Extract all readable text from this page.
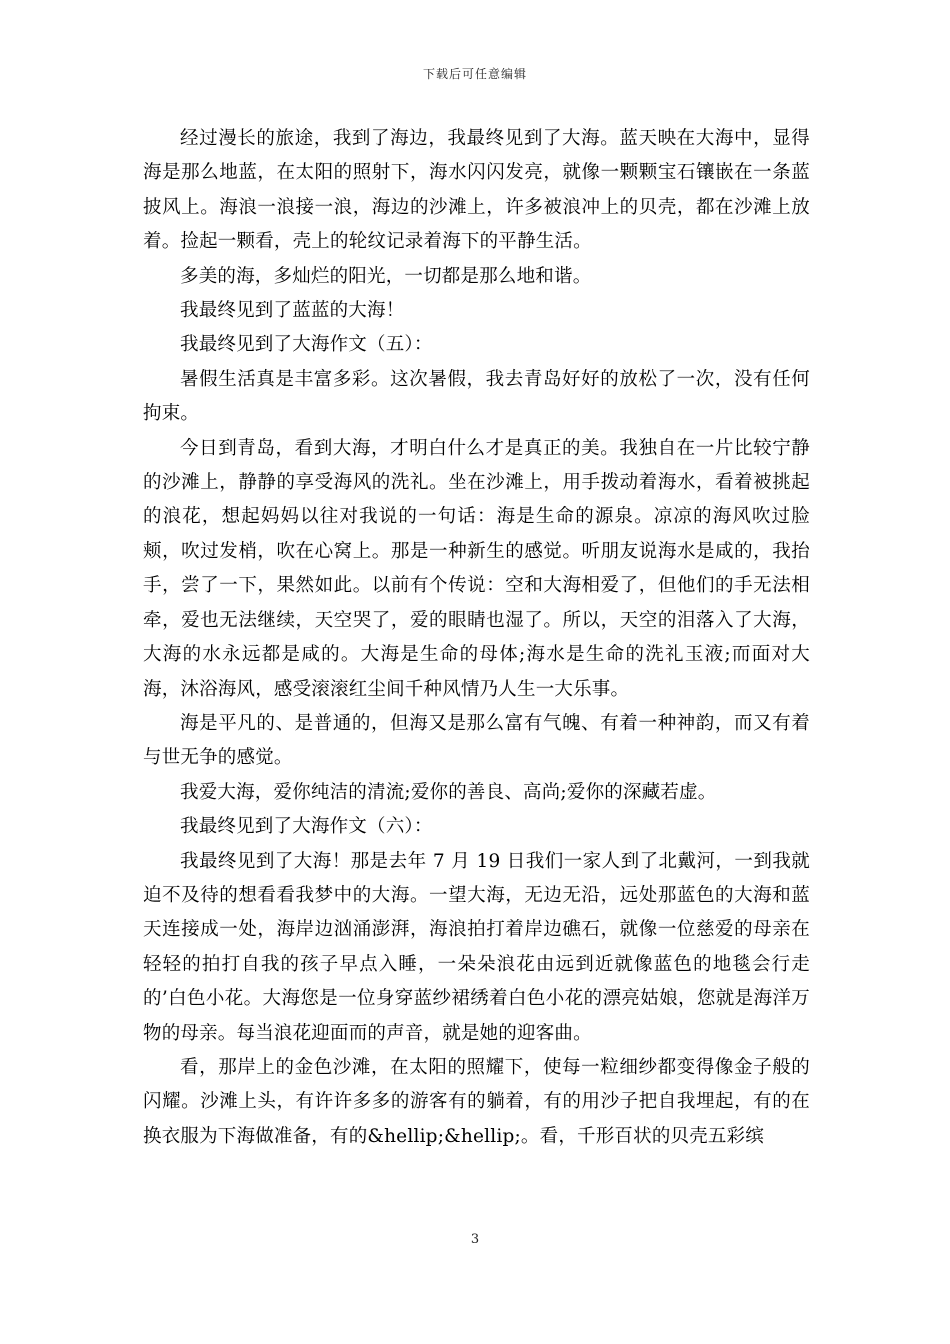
下载后可任意编辑

经过漫长的旅途，我到了海边，我最终见到了大海。蓝天映在大海中，显得海是那么地蓝，在太阳的照射下，海水闪闪发亮，就像一颗颗宝石镶嵌在一条蓝披风上。海浪一浪接一浪，海边的沙滩上，许多被浪冲上的贝壳，都在沙滩上放着。捡起一颗看，壳上的轮纹记录着海下的平静生活。

多美的海，多灿烂的阳光，一切都是那么地和谐。

我最终见到了蓝蓝的大海！

我最终见到了大海作文（五）：

暑假生活真是丰富多彩。这次暑假，我去青岛好好的放松了一次，没有任何拘束。

今日到青岛，看到大海，才明白什么才是真正的美。我独自在一片比较宁静的沙滩上，静静的享受海风的洗礼。坐在沙滩上，用手拨动着海水，看着被挑起的浪花，想起妈妈以往对我说的一句话：海是生命的源泉。凉凉的海风吹过脸颊，吹过发梢，吹在心窝上。那是一种新生的感觉。听朋友说海水是咸的，我抬手，尝了一下，果然如此。以前有个传说：空和大海相爱了，但他们的手无法相牵，爱也无法继续，天空哭了，爱的眼睛也湿了。所以，天空的泪落入了大海，大海的水永远都是咸的。大海是生命的母体;海水是生命的洗礼玉液;而面对大海，沐浴海风，感受滚滚红尘间千种风情乃人生一大乐事。

海是平凡的、是普通的，但海又是那么富有气魄、有着一种神韵，而又有着与世无争的感觉。

我爱大海，爱你纯洁的清流;爱你的善良、高尚;爱你的深藏若虚。

我最终见到了大海作文（六）：

我最终见到了大海！那是去年 7 月 19 日我们一家人到了北戴河，一到我就迫不及待的想看看我梦中的大海。一望大海，无边无沿，远处那蓝色的大海和蓝天连接成一处，海岸边汹涌澎湃，海浪拍打着岸边礁石，就像一位慈爱的母亲在轻轻的拍打自我的孩子早点入睡，一朵朵浪花由远到近就像蓝色的地毯会行走的’白色小花。大海您是一位身穿蓝纱裙绣着白色小花的漂亮姑娘，您就是海洋万物的母亲。每当浪花迎面而的声音，就是她的迎客曲。

看，那岸上的金色沙滩，在太阳的照耀下，使每一粒细纱都变得像金子般的闪耀。沙滩上头，有许许多多的游客有的躺着，有的用沙子把自我埋起，有的在换衣服为下海做准备，有的&hellip;&hellip;。看，千形百状的贝壳五彩缤

3
